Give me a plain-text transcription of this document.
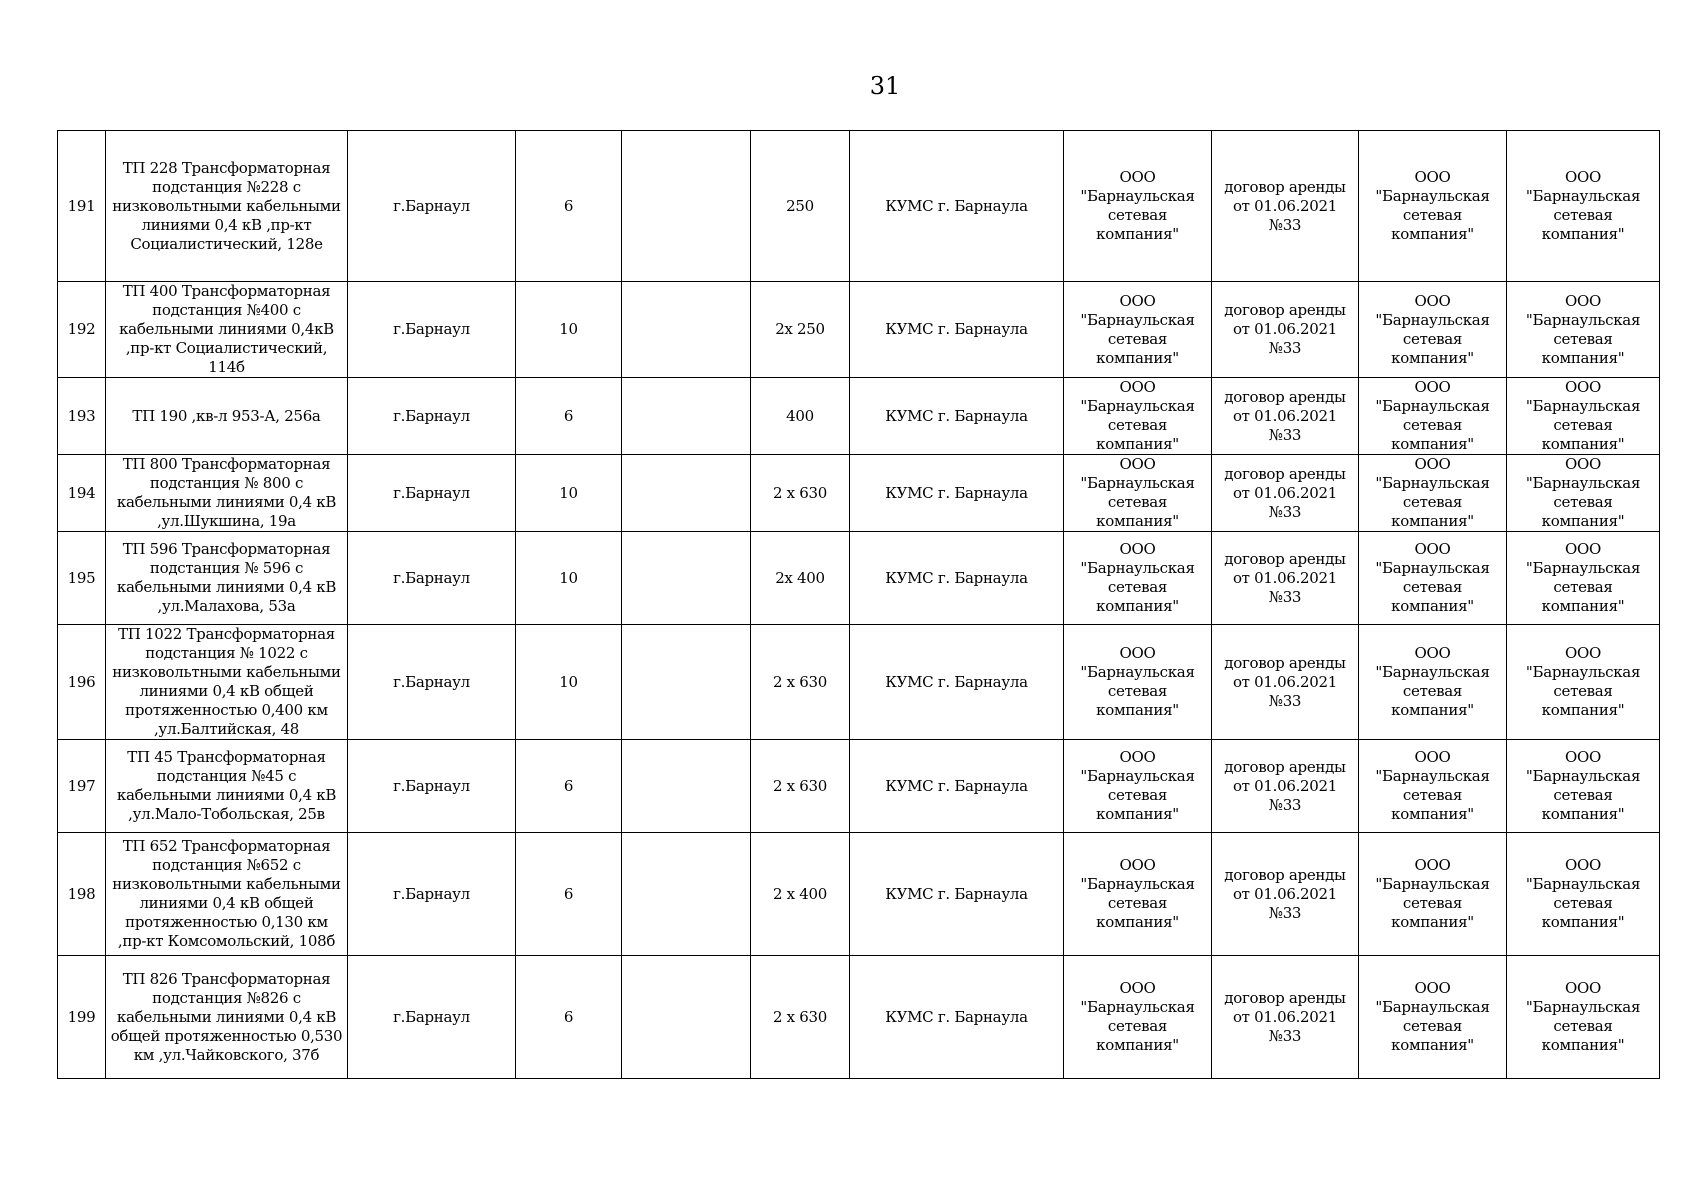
31
191	ТП 228 Трансформаторная подстанция №228 с низковольтными кабельными линиями 0,4 кВ ,пр-кт Социалистический, 128е	г.Барнаул	6		250	КУМС г. Барнаула	ООО "Барнаульская сетевая компания"	договор аренды от 01.06.2021 №33	ООО "Барнаульская сетевая компания"	ООО "Барнаульская сетевая компания"
192	ТП 400 Трансформаторная подстанция №400 с кабельными линиями 0,4кВ ,пр-кт Социалистический, 114б	г.Барнаул	10		2х 250	КУМС г. Барнаула	ООО "Барнаульская сетевая компания"	договор аренды от 01.06.2021 №33	ООО "Барнаульская сетевая компания"	ООО "Барнаульская сетевая компания"
193	ТП 190 ,кв-л 953-А, 256а	г.Барнаул	6		400	КУМС г. Барнаула	ООО "Барнаульская сетевая компания"	договор аренды от 01.06.2021 №33	ООО "Барнаульская сетевая компания"	ООО "Барнаульская сетевая компания"
194	ТП 800 Трансформаторная подстанция № 800 с кабельными линиями 0,4 кВ ,ул.Шукшина, 19а	г.Барнаул	10		2 х 630	КУМС г. Барнаула	ООО "Барнаульская сетевая компания"	договор аренды от 01.06.2021 №33	ООО "Барнаульская сетевая компания"	ООО "Барнаульская сетевая компания"
195	ТП 596 Трансформаторная подстанция № 596 с кабельными линиями 0,4 кВ ,ул.Малахова, 53а	г.Барнаул	10		2х 400	КУМС г. Барнаула	ООО "Барнаульская сетевая компания"	договор аренды от 01.06.2021 №33	ООО "Барнаульская сетевая компания"	ООО "Барнаульская сетевая компания"
196	ТП 1022 Трансформаторная подстанция № 1022 с низковольтными кабельными линиями 0,4 кВ общей протяженностью 0,400 км ,ул.Балтийская, 48	г.Барнаул	10		2 х 630	КУМС г. Барнаула	ООО "Барнаульская сетевая компания"	договор аренды от 01.06.2021 №33	ООО "Барнаульская сетевая компания"	ООО "Барнаульская сетевая компания"
197	ТП 45 Трансформаторная подстанция №45 с кабельными линиями 0,4 кВ ,ул.Мало-Тобольская, 25в	г.Барнаул	6		2 х 630	КУМС г. Барнаула	ООО "Барнаульская сетевая компания"	договор аренды от 01.06.2021 №33	ООО "Барнаульская сетевая компания"	ООО "Барнаульская сетевая компания"
198	ТП 652 Трансформаторная подстанция №652 с низковольтными кабельными линиями 0,4 кВ общей протяженностью 0,130 км ,пр-кт Комсомольский, 108б	г.Барнаул	6		2 х 400	КУМС г. Барнаула	ООО "Барнаульская сетевая компания"	договор аренды от 01.06.2021 №33	ООО "Барнаульская сетевая компания"	ООО "Барнаульская сетевая компания"
199	ТП 826 Трансформаторная подстанция №826 с кабельными линиями 0,4 кВ общей протяженностью 0,530 км ,ул.Чайковского, 37б	г.Барнаул	6		2 х 630	КУМС г. Барнаула	ООО "Барнаульская сетевая компания"	договор аренды от 01.06.2021 №33	ООО "Барнаульская сетевая компания"	ООО "Барнаульская сетевая компания"
